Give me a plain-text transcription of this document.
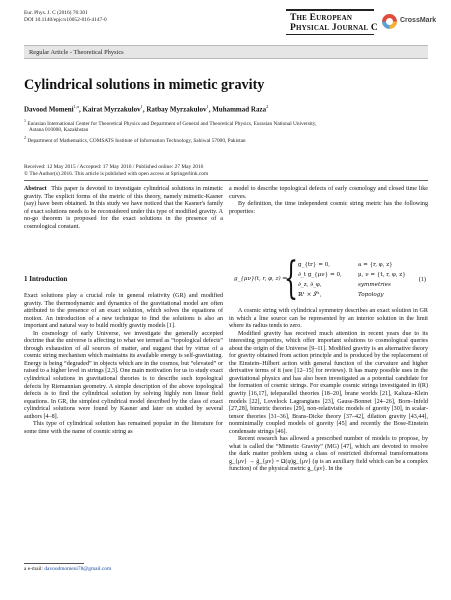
Eur. Phys. J. C (2016) 76:301
DOI 10.1140/epjc/s10052-016-4147-0	The European
Physical Journal C
CrossMark
Regular Article - Theoretical Physics
Cylindrical solutions in mimetic gravity
Davood Momeni$^{1,a}$, Kairat Myrzakulov$^1$, Ratbay Myrzakulov$^1$, Muhammad Raza$^2$
$^1$ Eurasian International Center for Theoretical Physics and Department of General and Theoretical Physics, Eurasian National University,
Astana 010008, Kazakhstan
$^2$ Department of Mathematics, COMSATS Institute of Information Technology, Sahiwal 57000, Pakistan
Received: 12 May 2015 / Accepted: 17 May 2016 / Published online: 27 May 2016
© The Author(s) 2016. This article is published with open access at Springerlink.com

Abstract This paper is devoted to investigate cylindrical solutions in mimetic gravity. The explicit forms of the metric of this theory, namely mimetic-Kasner (say) have been obtained. In this study we have noticed that the Kasner's family of exact solutions needs to be reconsidered under this type of modified gravity. A no-go theorem is proposed for the exact solutions in the presence of a cosmological constant.

1 Introduction

Exact solutions play a crucial role in general relativity (GR) and modified gravity. The thermodynamic and dynamics of the gravitational model are often attributed to the presence of an exact solution, which solves the equations of motion. An introduction of a new technique to find the solutions is also an important and natural way to build modify gravity models [1].

In cosmology of early Universe, we investigate the generally accepted doctrine that the universe is affecting to what we termed as “topological defects” through exhaustion of all sources of matter, and suggest that by virtue of a cosmic string mechanism which maintains its available energy is self-gravitating. Energy is being “degraded” in objects which are in the cosmos, but “elevated” or raised to a higher level in strings [2,3]. One main motivation for us to study exact cylindrical solutions in gravitational theories is to describe such topological defects by Riemannian geometry. A simple description of the above topological defects is to find the cylindrical solution by solving highly non linear field equations. In GR, the simplest cylindrical model described by the class of exact cylindrical solutions were found by Kasner and later on studied by several authors [4–8].

This type of cylindrical solution has remained popular in the literature for some time with the name of cosmic string as

a model to describe topological defects of early cosmology and closed time like curves.

By definition, the time independent cosmic string metric has the following properties:

g_{μν}(t, r, φ, z) ⇒
{ g_{tr} = 0,	a = {r, φ, z}
∂_t g_{μν} = 0,	μ, ν = {t, r, φ, z}
∂_z, ∂_φ,	symmetries
ℝ¹ × 𝒮¹,	Topology
(1)

A cosmic string with cylindrical symmetry describes an exact solution in GR in which a line source can be represented by an interior solution in the limit where its radius tends to zero.

Modified gravity has received much attention in recent years due to its interesting properties, which offer important solutions to cosmological queries about the origin of the Universe [9–11]. Modified gravity is an alternative theory for gravity obtained from action principle and is produced by the replacement of the Einstein–Hilbert action with general function of the curvature and higher derivative terms of it (see [12–15] for reviews). It has many possible uses in the gravitational physics and has also been investigated as a potential candidate for the formation of cosmic strings. For example cosmic strings investigated in f(R) gravity [16,17], teleparallel theories [18–20], brane worlds [21], Kaluza–Klein models [22], Lovelock Lagrangians [23], Gauss-Bonnet [24–26], Born–Infeld [27,28], bimetric theories [29], non-relativistic models of gravity [30], in scalar-tensor theories [31–36], Brans-Dicke theory [37–42], dilation gravity [43,44], nonminimally coupled models of gravity [45] and recently the Bose-Einstein condensate strings [46].

Recent research has allowed a prescribed number of models to propose, by what is called the “Mimetic Gravity” (MG) [47], which are devoted to resolve the dark matter problem using a class of restricted disformal transformations g_{μν} → g̃_{μν} = Ω(φ)g_{μν} (φ is an auxiliary field which can be a complex function) of the physical metric g_{μν}. In the

a e-mail: davoodmomeni78@gmail.com
